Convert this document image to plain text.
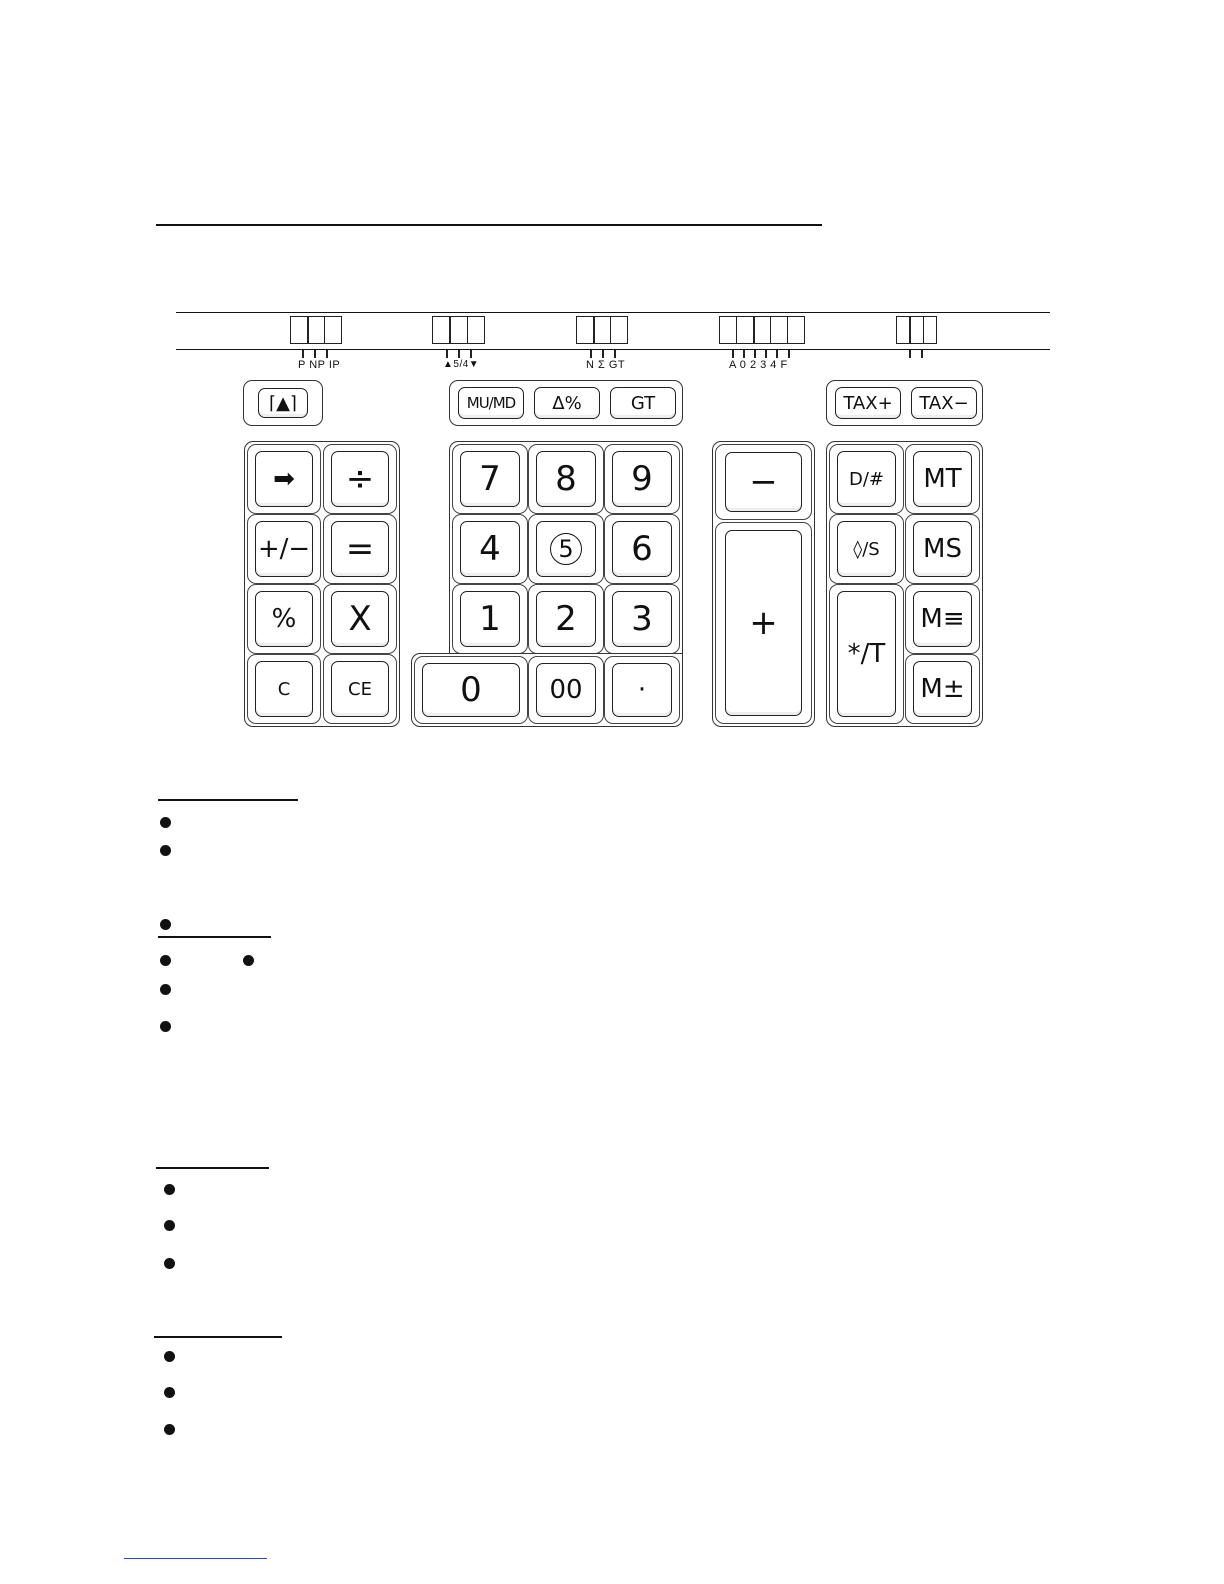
P NP IP	▲5/4▼	N Σ GT	A 0 2 3 4 F
⌈▲⌉	MU/MD Δ%	GT	TAX+ TAX−
➡ ÷
+/− =
% X
C	CE
7 8 9
4	5 6
1 2 3
0	00 ·
−
+
D/# MT
◊/S MS
*/T
M≡
M±
